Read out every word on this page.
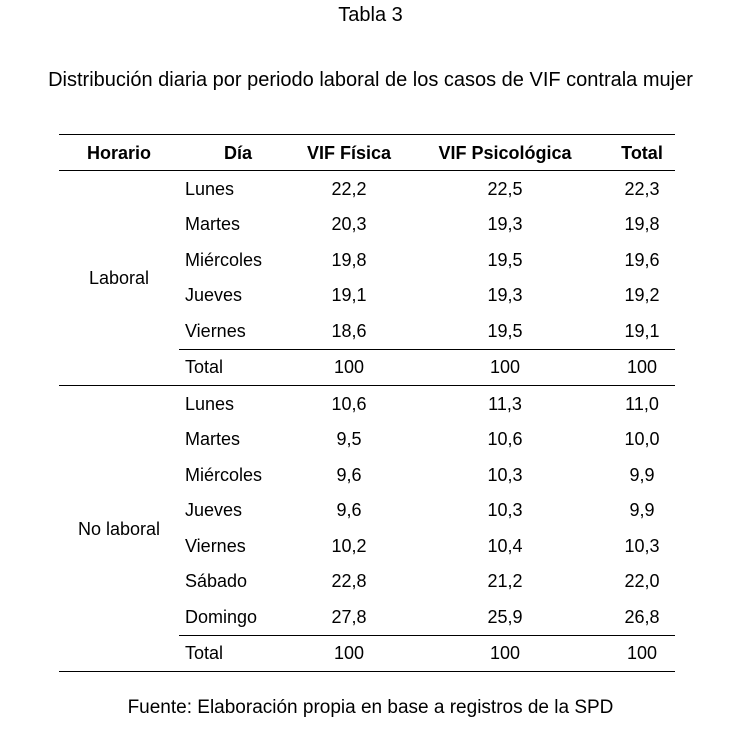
Tabla 3
Distribución diaria por periodo laboral de los casos de VIF contrala mujer
Horario	Día	VIF Física	VIF Psicológica	Total
Laboral	Lunes	22,2	22,5	22,3
	Martes	20,3	19,3	19,8
	Miércoles	19,8	19,5	19,6
	Jueves	19,1	19,3	19,2
	Viernes	18,6	19,5	19,1
	Total	100	100	100
No laboral	Lunes	10,6	11,3	11,0
	Martes	9,5	10,6	10,0
	Miércoles	9,6	10,3	9,9
	Jueves	9,6	10,3	9,9
	Viernes	10,2	10,4	10,3
	Sábado	22,8	21,2	22,0
	Domingo	27,8	25,9	26,8
	Total	100	100	100
Fuente: Elaboración propia en base a registros de la SPD
